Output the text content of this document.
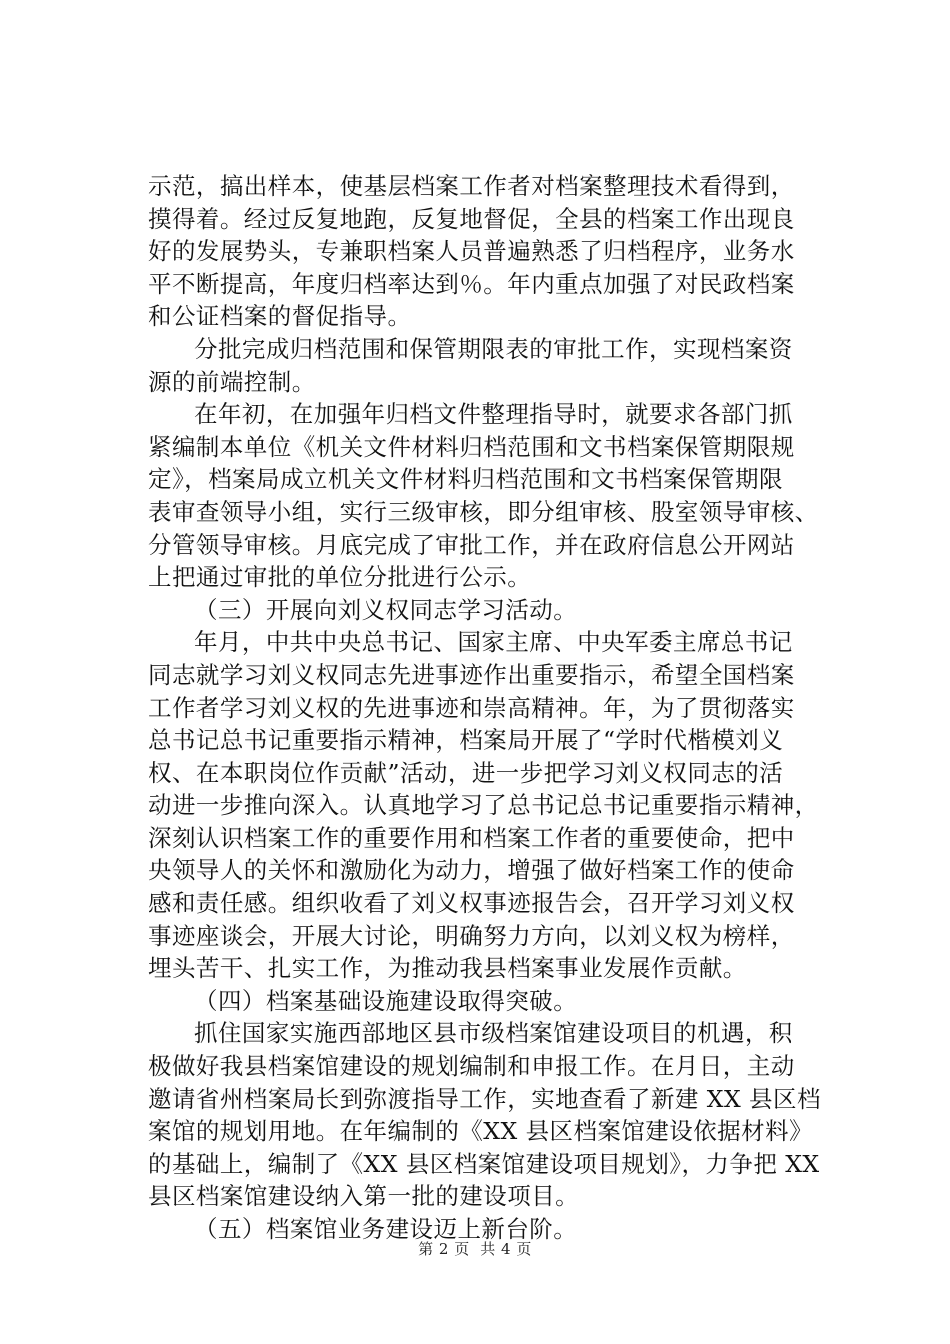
示范，搞出样本，使基层档案工作者对档案整理技术看得到，
摸得着。经过反复地跑，反复地督促，全县的档案工作出现良
好的发展势头，专兼职档案人员普遍熟悉了归档程序，业务水
平不断提高，年度归档率达到％。年内重点加强了对民政档案
和公证档案的督促指导。
分批完成归档范围和保管期限表的审批工作，实现档案资
源的前端控制。
在年初，在加强年归档文件整理指导时，就要求各部门抓
紧编制本单位《机关文件材料归档范围和文书档案保管期限规
定》，档案局成立机关文件材料归档范围和文书档案保管期限
表审查领导小组，实行三级审核，即分组审核、股室领导审核、
分管领导审核。月底完成了审批工作，并在政府信息公开网站
上把通过审批的单位分批进行公示。
（三）开展向刘义权同志学习活动。
年月，中共中央总书记、国家主席、中央军委主席总书记
同志就学习刘义权同志先进事迹作出重要指示，希望全国档案
工作者学习刘义权的先进事迹和崇高精神。年，为了贯彻落实
总书记总书记重要指示精神，档案局开展了“学时代楷模刘义
权、在本职岗位作贡献”活动，进一步把学习刘义权同志的活
动进一步推向深入。认真地学习了总书记总书记重要指示精神，
深刻认识档案工作的重要作用和档案工作者的重要使命，把中
央领导人的关怀和激励化为动力，增强了做好档案工作的使命
感和责任感。组织收看了刘义权事迹报告会，召开学习刘义权
事迹座谈会，开展大讨论，明确努力方向，以刘义权为榜样，
埋头苦干、扎实工作，为推动我县档案事业发展作贡献。
（四）档案基础设施建设取得突破。
抓住国家实施西部地区县市级档案馆建设项目的机遇，积
极做好我县档案馆建设的规划编制和申报工作。在月日，主动
邀请省州档案局长到弥渡指导工作，实地查看了新建 XX 县区档
案馆的规划用地。在年编制的《XX 县区档案馆建设依据材料》
的基础上，编制了《XX 县区档案馆建设项目规划》，力争把 XX
县区档案馆建设纳入第一批的建设项目。
（五）档案馆业务建设迈上新台阶。
第 2 页  共 4 页
